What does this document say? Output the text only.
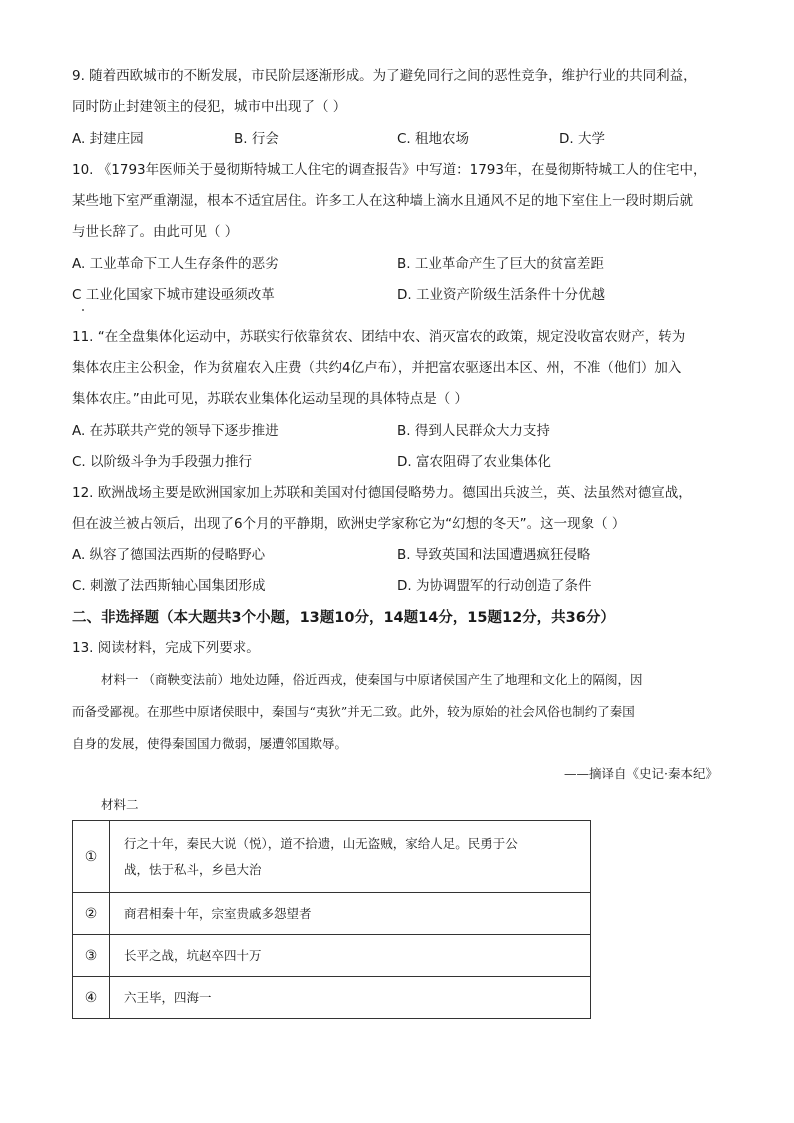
9. 随着西欧城市的不断发展，市民阶层逐渐形成。为了避免同行之间的恶性竞争，维护行业的共同利益，
同时防止封建领主的侵犯，城市中出现了（ ）
A. 封建庄园	B. 行会	C. 租地农场	D. 大学
10. 《1793年医师关于曼彻斯特城工人住宅的调查报告》中写道：1793年，在曼彻斯特城工人的住宅中，
某些地下室严重潮湿，根本不适宜居住。许多工人在这种墙上滴水且通风不足的地下室住上一段时期后就
与世长辞了。由此可见（ ）
A. 工业革命下工人生存条件的恶劣	B. 工业革命产生了巨大的贫富差距
C 工业化国家下城市建设亟须改革	D. 工业资产阶级生活条件十分优越
11. “在全盘集体化运动中，苏联实行依靠贫农、团结中农、消灭富农的政策，规定没收富农财产，转为
集体农庄主公积金，作为贫雇农入庄费（共约4亿卢布），并把富农驱逐出本区、州，不准（他们）加入
集体农庄。”由此可见，苏联农业集体化运动呈现的具体特点是（ ）
A. 在苏联共产党的领导下逐步推进	B. 得到人民群众大力支持
C. 以阶级斗争为手段强力推行	D. 富农阻碍了农业集体化
12. 欧洲战场主要是欧洲国家加上苏联和美国对付德国侵略势力。德国出兵波兰，英、法虽然对德宣战，
但在波兰被占领后，出现了6个月的平静期，欧洲史学家称它为“幻想的冬天”。这一现象（ ）
A. 纵容了德国法西斯的侵略野心	B. 导致英国和法国遭遇疯狂侵略
C. 刺激了法西斯轴心国集团形成	D. 为协调盟军的行动创造了条件
二、非选择题（本大题共3个小题，13题10分，14题14分，15题12分，共36分）
13. 阅读材料，完成下列要求。
材料一 （商鞅变法前）地处边陲，俗近西戎，使秦国与中原诸侯国产生了地理和文化上的隔阂，因
而备受鄙视。在那些中原诸侯眼中，秦国与“夷狄”并无二致。此外，较为原始的社会风俗也制约了秦国
自身的发展，使得秦国国力微弱，屡遭邻国欺辱。
——摘译自《史记·秦本纪》
材料二
①	行之十年，秦民大说（悦），道不拾遗，山无盗贼，家给人足。民勇于公
战，怯于私斗，乡邑大治

②	商君相秦十年，宗室贵戚多怨望者
③	长平之战，坑赵卒四十万
④	六王毕，四海一
